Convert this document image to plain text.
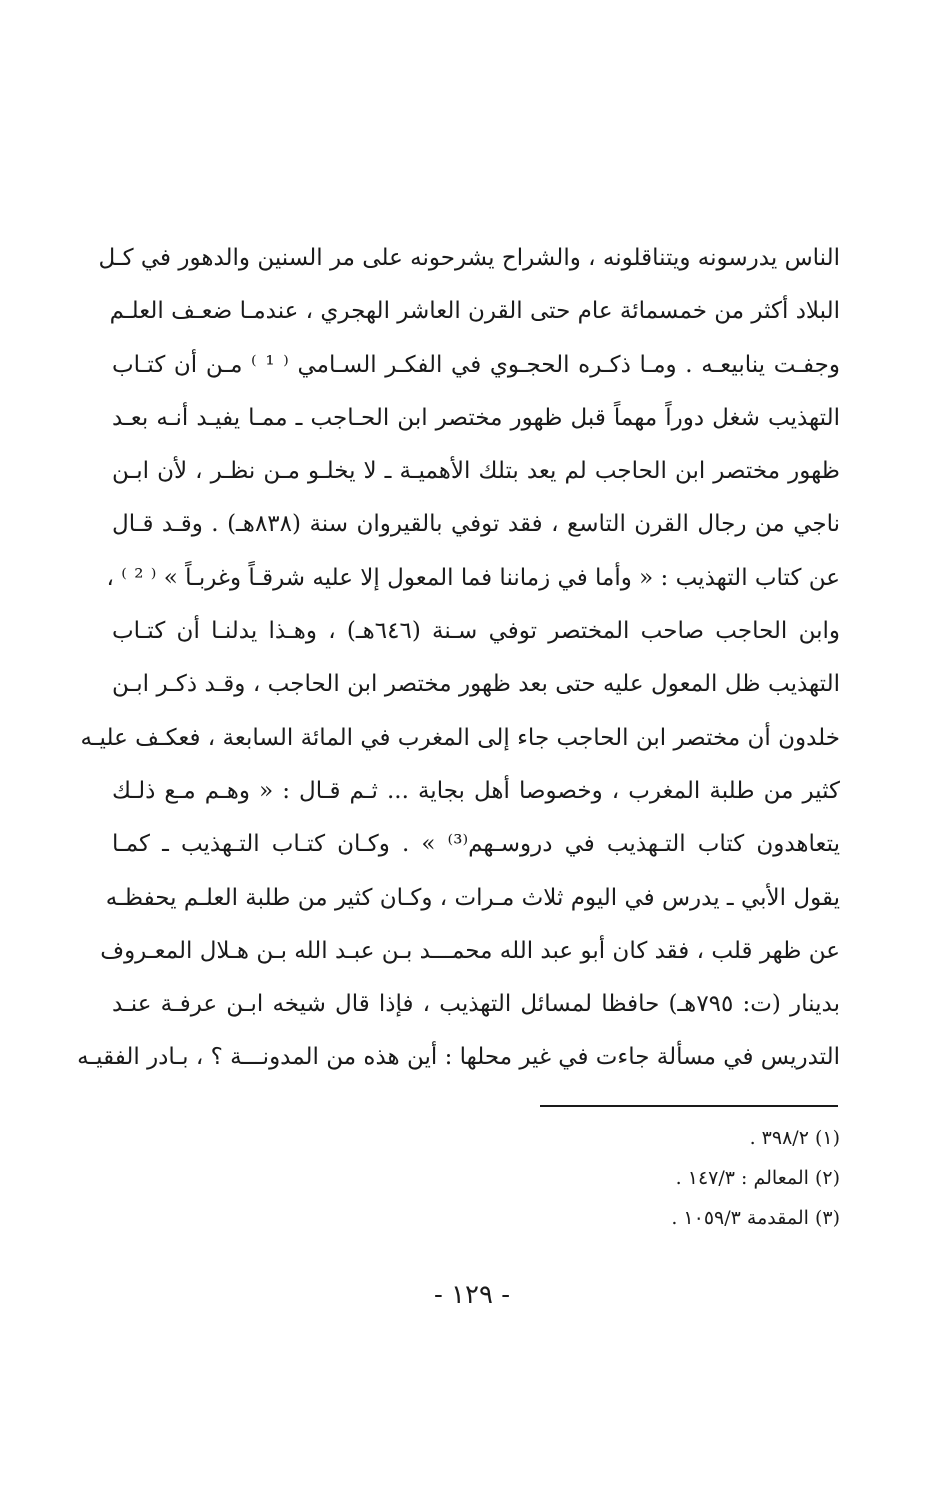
الناس يدرسونه ويتناقلونه ، والشراح يشرحونه على مر السنين والدهور في كـل
البلاد أكثر من خمسمائة عام حتى القرن العاشر الهجري ، عندمـا ضعـف العلـم
وجفـت ينابيعـه . ومـا ذكـره الحجـوي في الفكـر السـامي ⁽ ¹ ⁾ مـن أن كتـاب
التهذيب شغل دوراً مهماً قبل ظهور مختصر ابن الحـاجب ـ ممـا يفيـد أنـه بعـد
ظهور مختصر ابن الحاجب لم يعد بتلك الأهميـة ـ لا يخلـو مـن نظـر ، لأن ابـن
ناجي من رجال القرن التاسع ، فقد توفي بالقيروان سنة (٨٣٨هـ) . وقـد قـال
عن كتاب التهذيب : « وأما في زماننا فما المعول إلا عليه شرقـاً وغربـاً » ⁽ ² ⁾ ،
وابن الحاجب صاحب المختصر توفي سـنة (٦٤٦هـ) ، وهـذا يدلنـا أن كتـاب
التهذيب ظل المعول عليه حتى بعد ظهور مختصر ابن الحاجب ، وقـد ذكـر ابـن
خلدون أن مختصر ابن الحاجب جاء إلى المغرب في المائة السابعة ، فعكـف عليـه
كثير من طلبة المغرب ، وخصوصا أهل بجاية ... ثـم قـال : « وهـم مـع ذلـك
يتعاهدون كتاب التـهذيب في دروسـهم⁽³⁾ » . وكـان كتـاب التـهذيب ـ كمـا
يقول الأبي ـ يدرس في اليوم ثلاث مـرات ، وكـان كثير من طلبة العلـم يحفظـه
عن ظهر قلب ، فقد كان أبو عبد الله محمـــد بـن عبـد الله بـن هـلال المعـروف
بدينار (ت: ٧٩٥هـ) حافظا لمسائل التهذيب ، فإذا قال شيخه ابـن عرفـة عنـد
التدريس في مسألة جاءت في غير محلها : أين هذه من المدونـــة ؟ ، بـادر الفقيـه
(١) ٣٩٨/٢ .
(٢) المعالم : ١٤٧/٣ .
(٣) المقدمة ١٠٥٩/٣ .
- ١٢٩ -
